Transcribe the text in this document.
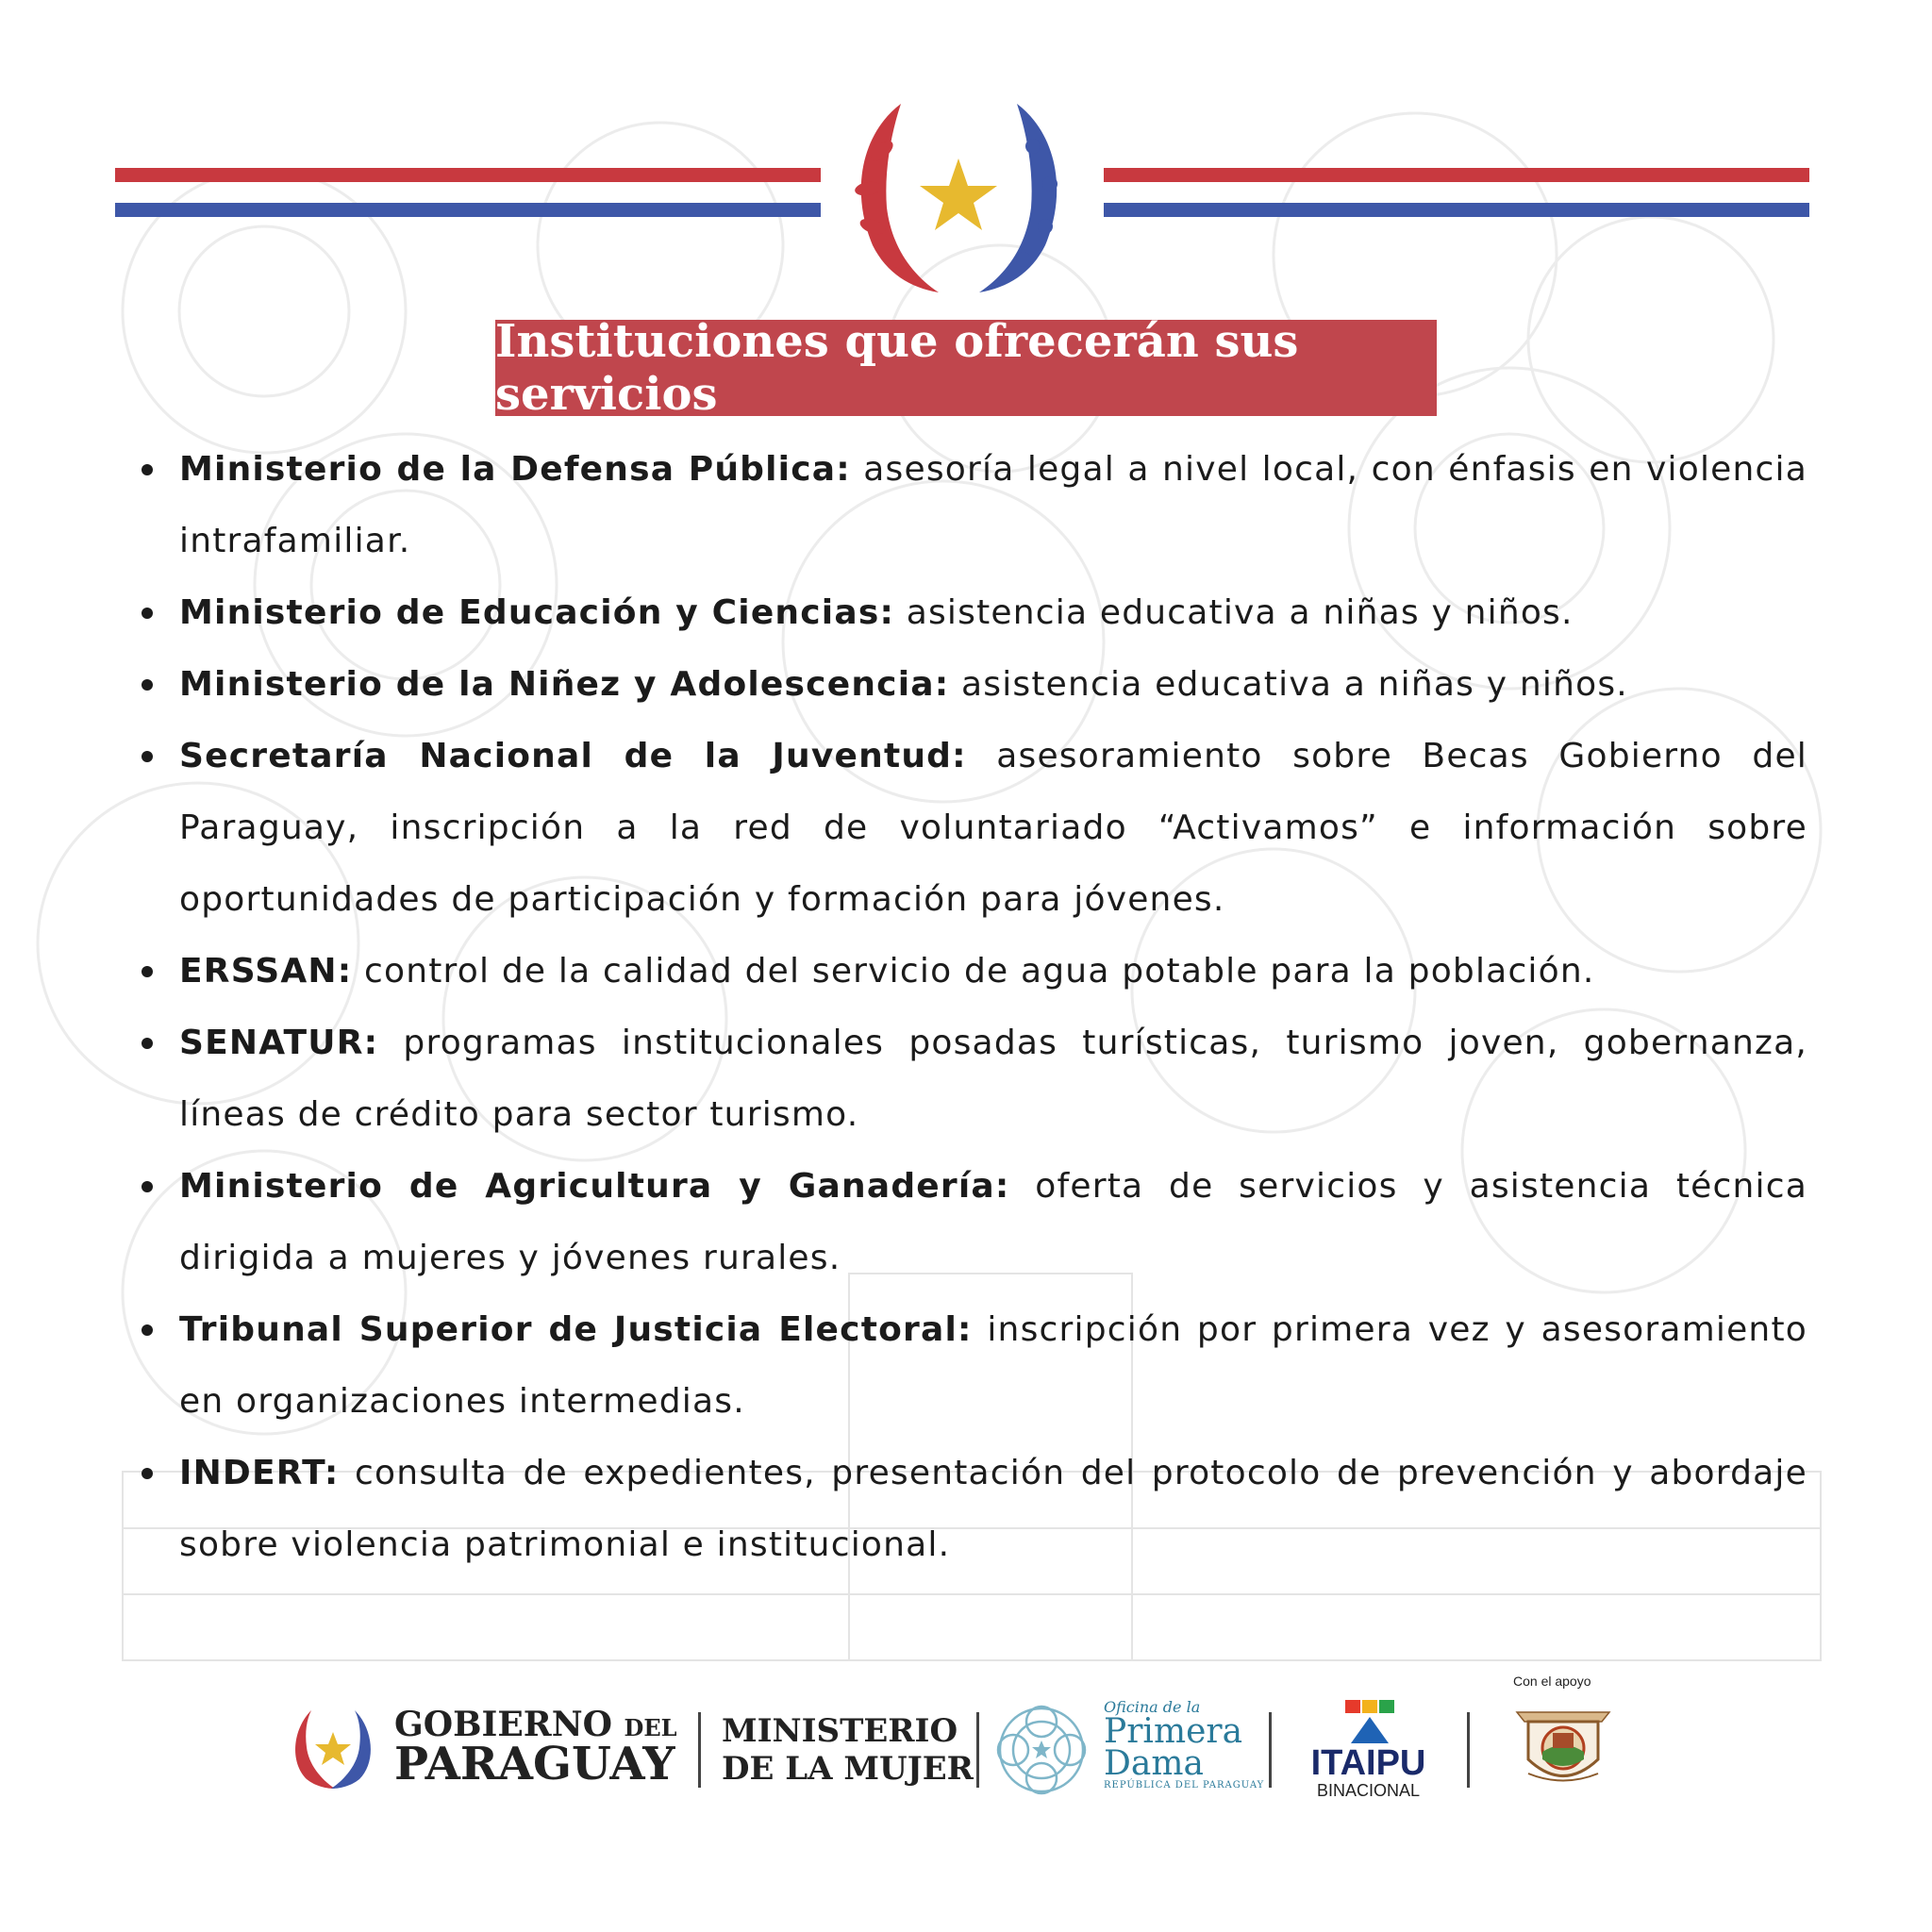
Instituciones que ofrecerán sus servicios
Ministerio de la Defensa Pública: asesoría legal a nivel local, con énfasis en violencia intrafamiliar.
Ministerio de Educación y Ciencias: asistencia educativa a niñas y niños.
Ministerio de la Niñez y Adolescencia: asistencia educativa a niñas y niños.
Secretaría Nacional de la Juventud: asesoramiento sobre Becas Gobierno del Paraguay, inscripción a la red de voluntariado “Activamos” e información sobre oportunidades de participación y formación para jóvenes.
ERSSAN: control de la calidad del servicio de agua potable para la población.
SENATUR: programas institucionales posadas turísticas, turismo joven, gobernanza, líneas de crédito para sector turismo.
Ministerio de Agricultura y Ganadería: oferta de servicios y asistencia técnica dirigida a mujeres y jóvenes rurales.
Tribunal Superior de Justicia Electoral: inscripción por primera vez y asesoramiento en organizaciones intermedias.
INDERT: consulta de expedientes, presentación del protocolo de prevención y abordaje sobre violencia patrimonial e institucional.
GOBIERNO DEL
PARAGUAY
MINISTERIO
DE LA MUJER
Oficina de la
Primera
Dama
REPÚBLICA DEL PARAGUAY
ITAIPU
BINACIONAL
Con el apoyo
